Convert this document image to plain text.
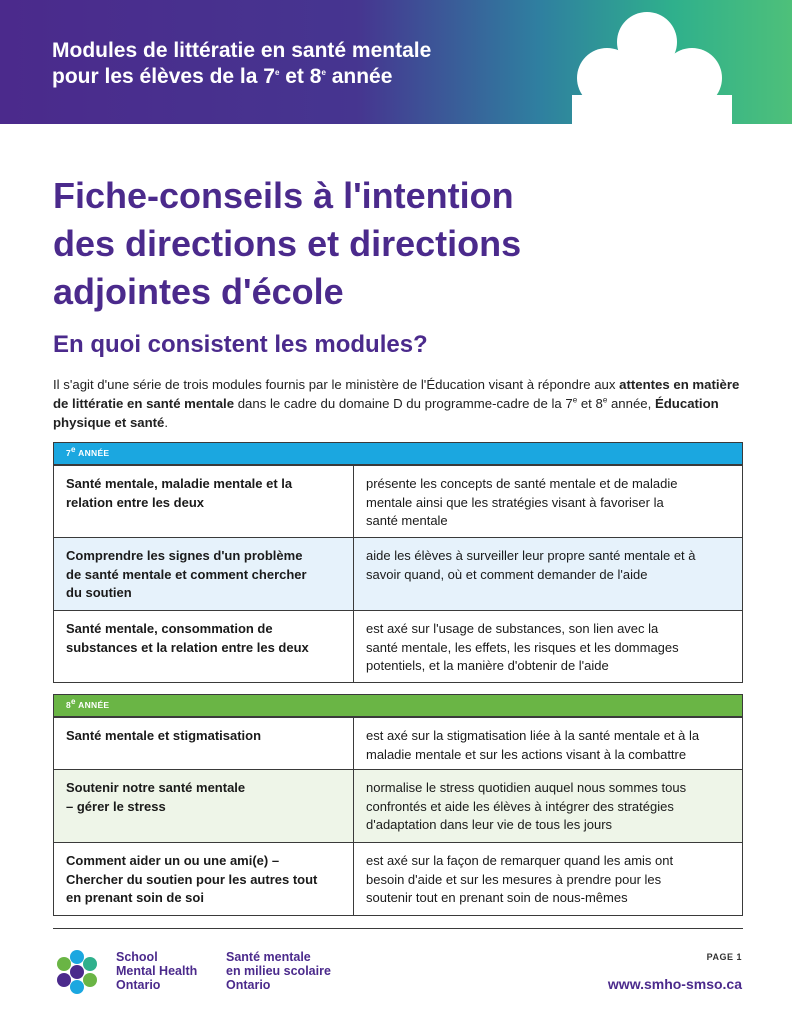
Modules de littératie en santé mentale
pour les élèves de la 7e et 8e année
Fiche-conseils à l'intention
des directions et directions
adjointes d'école
En quoi consistent les modules?

Il s'agit d'une série de trois modules fournis par le ministère de l'Éducation visant à répondre aux attentes en matière de littératie en santé mentale dans le cadre du domaine D du programme-cadre de la 7e et 8e année, Éducation physique et santé.

7e ANNÉE
Santé mentale, maladie mentale et la
relation entre les deux
présente les concepts de santé mentale et de maladie
mentale ainsi que les stratégies visant à favoriser la
santé mentale
Comprendre les signes d'un problème
de santé mentale et comment chercher
du soutien
aide les élèves à surveiller leur propre santé mentale et à
savoir quand, où et comment demander de l'aide
Santé mentale, consommation de
substances et la relation entre les deux
est axé sur l'usage de substances, son lien avec la
santé mentale, les effets, les risques et les dommages
potentiels, et la manière d'obtenir de l'aide
8e ANNÉE
Santé mentale et stigmatisation	est axé sur la stigmatisation liée à la santé mentale et à la
maladie mentale et sur les actions visant à la combattre
Soutenir notre santé mentale
– gérer le stress
normalise le stress quotidien auquel nous sommes tous
confrontés et aide les élèves à intégrer des stratégies
d'adaptation dans leur vie de tous les jours
Comment aider un ou une ami(e) –
Chercher du soutien pour les autres tout
en prenant soin de soi
est axé sur la façon de remarquer quand les amis ont
besoin d'aide et sur les mesures à prendre pour les
soutenir tout en prenant soin de nous-mêmes
School
Mental Health
Ontario
Santé mentale
en milieu scolaire
Ontario
PAGE 1
www.smho-smso.ca
